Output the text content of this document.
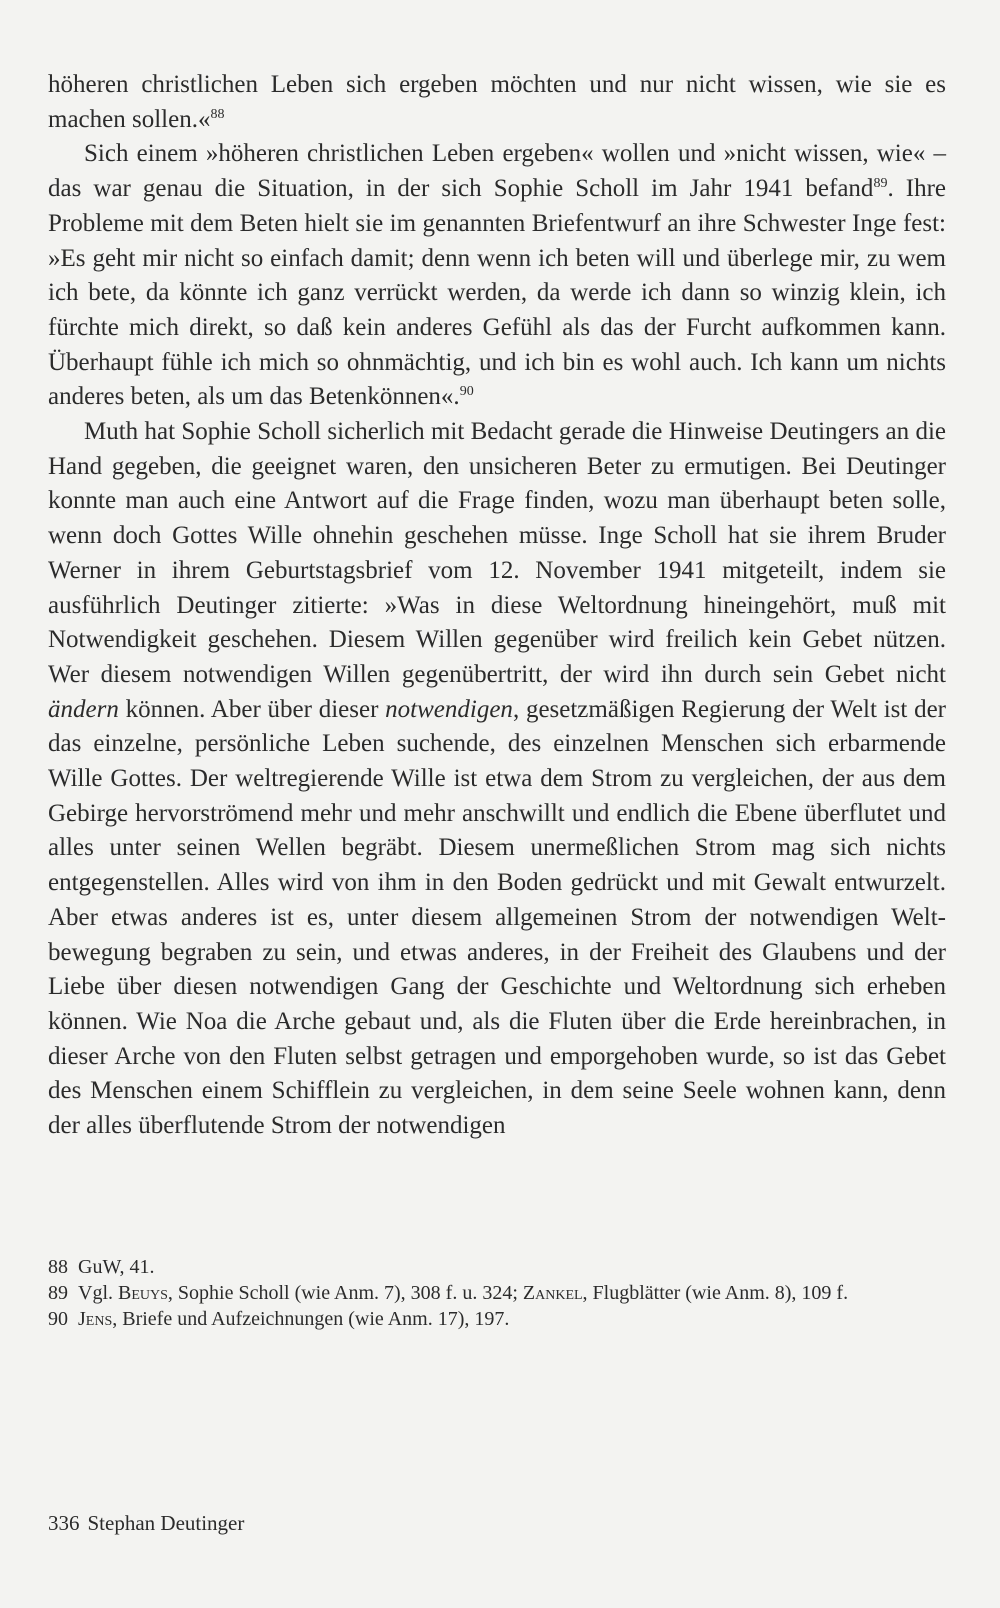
höheren christlichen Leben sich ergeben möchten und nur nicht wissen, wie sie es machen sollen.«$^{88}$

Sich einem »höheren christlichen Leben ergeben« wollen und »nicht wissen, wie« – das war genau die Situation, in der sich Sophie Scholl im Jahr 1941 befand$^{89}$. Ihre Probleme mit dem Beten hielt sie im genannten Briefentwurf an ihre Schwester Inge fest: »Es geht mir nicht so einfach damit; denn wenn ich beten will und überlege mir, zu wem ich bete, da könnte ich ganz verrückt werden, da werde ich dann so winzig klein, ich fürchte mich direkt, so daß kein anderes Gefühl als das der Furcht aufkommen kann. Überhaupt fühle ich mich so ohnmächtig, und ich bin es wohl auch. Ich kann um nichts anderes beten, als um das Betenkönnen«.$^{90}$

Muth hat Sophie Scholl sicherlich mit Bedacht gerade die Hinweise Deutingers an die Hand gegeben, die geeignet waren, den unsicheren Beter zu ermutigen. Bei Deutinger konnte man auch eine Antwort auf die Frage finden, wozu man überhaupt beten solle, wenn doch Gottes Wille ohnehin geschehen müsse. Inge Scholl hat sie ihrem Bruder Werner in ihrem Geburtstagsbrief vom 12. November 1941 mitgeteilt, indem sie ausführlich Deutinger zitierte: »Was in diese Weltordnung hineingehört, muß mit Notwendigkeit geschehen. Diesem Willen gegenüber wird freilich kein Gebet nützen. Wer diesem notwendigen Willen gegenübertritt, der wird ihn durch sein Gebet nicht ändern können. Aber über dieser notwendigen, gesetzmäßigen Regierung der Welt ist der das einzelne, persönliche Leben suchende, des einzelnen Menschen sich erbarmende Wille Gottes. Der weltregierende Wille ist etwa dem Strom zu vergleichen, der aus dem Gebirge hervorströmend mehr und mehr anschwillt und endlich die Ebene überflutet und alles unter seinen Wellen begräbt. Diesem unermeßlichen Strom mag sich nichts entgegenstellen. Alles wird von ihm in den Boden gedrückt und mit Gewalt entwurzelt. Aber etwas anderes ist es, unter diesem allgemeinen Strom der notwendigen Weltbewegung begraben zu sein, und etwas anderes, in der Freiheit des Glaubens und der Liebe über diesen notwendigen Gang der Geschichte und Weltordnung sich erheben können. Wie Noa die Arche gebaut und, als die Fluten über die Erde hereinbrachen, in dieser Arche von den Fluten selbst getragen und emporgehoben wurde, so ist das Gebet des Menschen einem Schifflein zu vergleichen, in dem seine Seele wohnen kann, denn der alles überflutende Strom der notwendigen

88 GuW, 41.

89 Vgl. Beuys, Sophie Scholl (wie Anm. 7), 308 f. u. 324; Zankel, Flugblätter (wie Anm. 8), 109 f.

90 Jens, Briefe und Aufzeichnungen (wie Anm. 17), 197.

336 Stephan Deutinger
